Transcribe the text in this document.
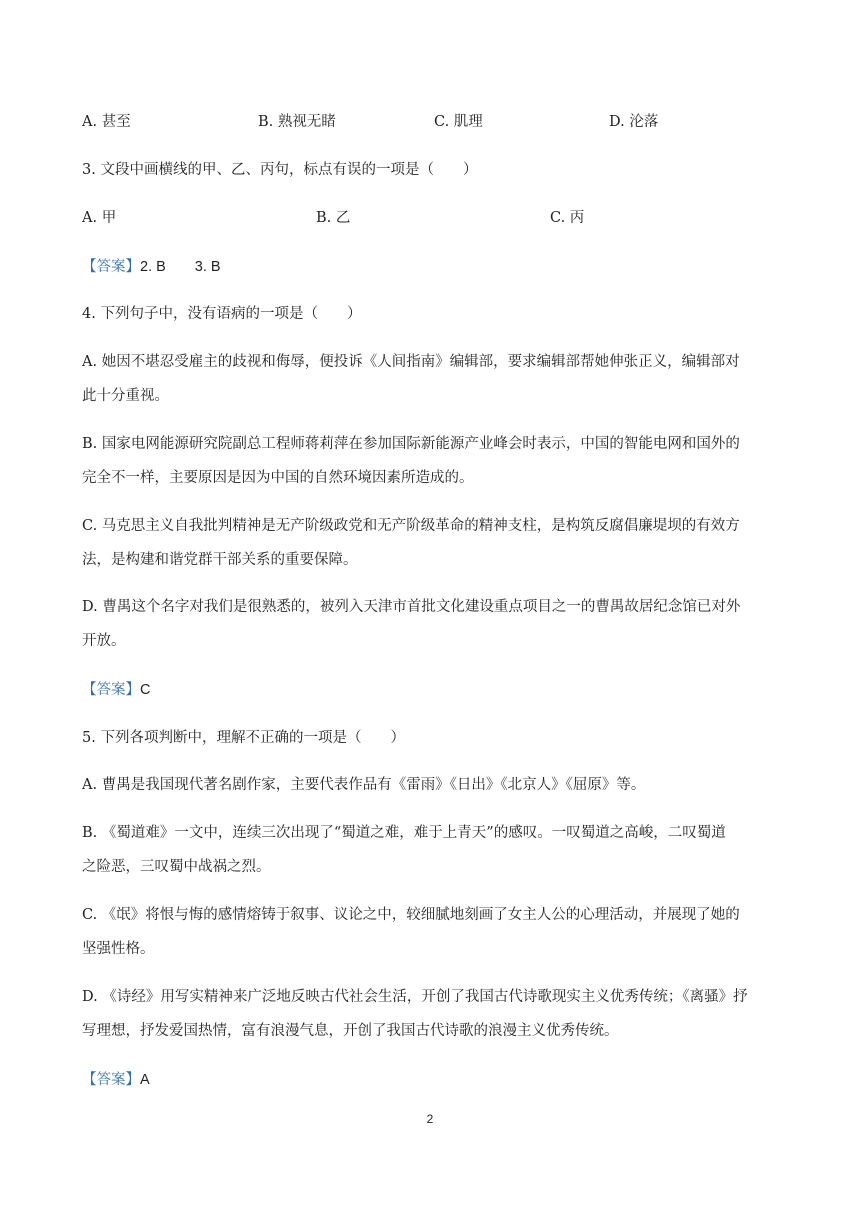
A. 甚至	B. 熟视无睹	C. 肌理	D. 沦落
3. 文段中画横线的甲、乙、丙句，标点有误的一项是（　　）
A. 甲	B. 乙	C. 丙
【答案】2. B　　3. B
4. 下列句子中，没有语病的一项是（　　）
A. 她因不堪忍受雇主的歧视和侮辱，便投诉《人间指南》编辑部，要求编辑部帮她伸张正义，编辑部对
此十分重视。
B. 国家电网能源研究院副总工程师蒋莉萍在参加国际新能源产业峰会时表示，中国的智能电网和国外的
完全不一样，主要原因是因为中国的自然环境因素所造成的。
C. 马克思主义自我批判精神是无产阶级政党和无产阶级革命的精神支柱，是构筑反腐倡廉堤坝的有效方
法，是构建和谐党群干部关系的重要保障。
D. 曹禺这个名字对我们是很熟悉的，被列入天津市首批文化建设重点项目之一的曹禺故居纪念馆已对外
开放。
【答案】C
5. 下列各项判断中，理解不正确的一项是（　　）
A. 曹禺是我国现代著名剧作家，主要代表作品有《雷雨》《日出》《北京人》《屈原》等。
B. 《蜀道难》一文中，连续三次出现了“蜀道之难，难于上青天”的感叹。一叹蜀道之高峻，二叹蜀道
之险恶，三叹蜀中战祸之烈。
C. 《氓》将恨与悔的感情熔铸于叙事、议论之中，较细腻地刻画了女主人公的心理活动，并展现了她的
坚强性格。
D. 《诗经》用写实精神来广泛地反映古代社会生活，开创了我国古代诗歌现实主义优秀传统；《离骚》抒
写理想，抒发爱国热情，富有浪漫气息，开创了我国古代诗歌的浪漫主义优秀传统。
【答案】A
2
